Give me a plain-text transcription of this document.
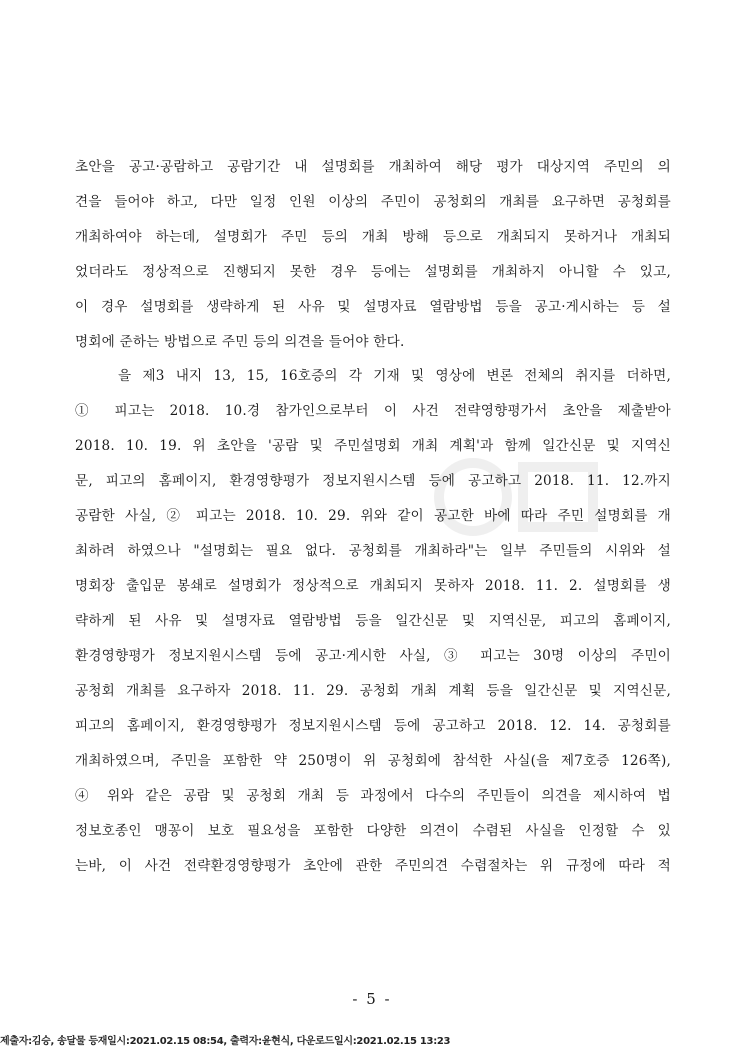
초안을 공고·공람하고 공람기간 내 설명회를 개최하여 해당 평가 대상지역 주민의 의
견을 들어야 하고, 다만 일정 인원 이상의 주민이 공청회의 개최를 요구하면 공청회를
개최하여야 하는데, 설명회가 주민 등의 개최 방해 등으로 개최되지 못하거나 개최되
었더라도 정상적으로 진행되지 못한 경우 등에는 설명회를 개최하지 아니할 수 있고,
이 경우 설명회를 생략하게 된 사유 및 설명자료 열람방법 등을 공고·게시하는 등 설
명회에 준하는 방법으로 주민 등의 의견을 들어야 한다.
을 제3 내지 13, 15, 16호증의 각 기재 및 영상에 변론 전체의 취지를 더하면,
① 피고는 2018. 10.경 참가인으로부터 이 사건 전략영향평가서 초안을 제출받아
2018. 10. 19. 위 초안을 '공람 및 주민설명회 개최 계획'과 함께 일간신문 및 지역신
문, 피고의 홈페이지, 환경영향평가 정보지원시스템 등에 공고하고 2018. 11. 12.까지
공람한 사실, ② 피고는 2018. 10. 29. 위와 같이 공고한 바에 따라 주민 설명회를 개
최하려 하였으나 "설명회는 필요 없다. 공청회를 개최하라"는 일부 주민들의 시위와 설
명회장 출입문 봉쇄로 설명회가 정상적으로 개최되지 못하자 2018. 11. 2. 설명회를 생
략하게 된 사유 및 설명자료 열람방법 등을 일간신문 및 지역신문, 피고의 홈페이지,
환경영향평가 정보지원시스템 등에 공고·게시한 사실, ③ 피고는 30명 이상의 주민이
공청회 개최를 요구하자 2018. 11. 29. 공청회 개최 계획 등을 일간신문 및 지역신문,
피고의 홈페이지, 환경영향평가 정보지원시스템 등에 공고하고 2018. 12. 14. 공청회를
개최하였으며, 주민을 포함한 약 250명이 위 공청회에 참석한 사실(을 제7호증 126쪽),
④ 위와 같은 공람 및 공청회 개최 등 과정에서 다수의 주민들이 의견을 제시하여 법
정보호종인 맹꽁이 보호 필요성을 포함한 다양한 의견이 수렴된 사실을 인정할 수 있
는바, 이 사건 전략환경영향평가 초안에 관한 주민의견 수렴절차는 위 규정에 따라 적
- 5 -
제출자:김승, 송달물 등재일시:2021.02.15 08:54, 출력자:윤현식, 다운로드일시:2021.02.15 13:23
